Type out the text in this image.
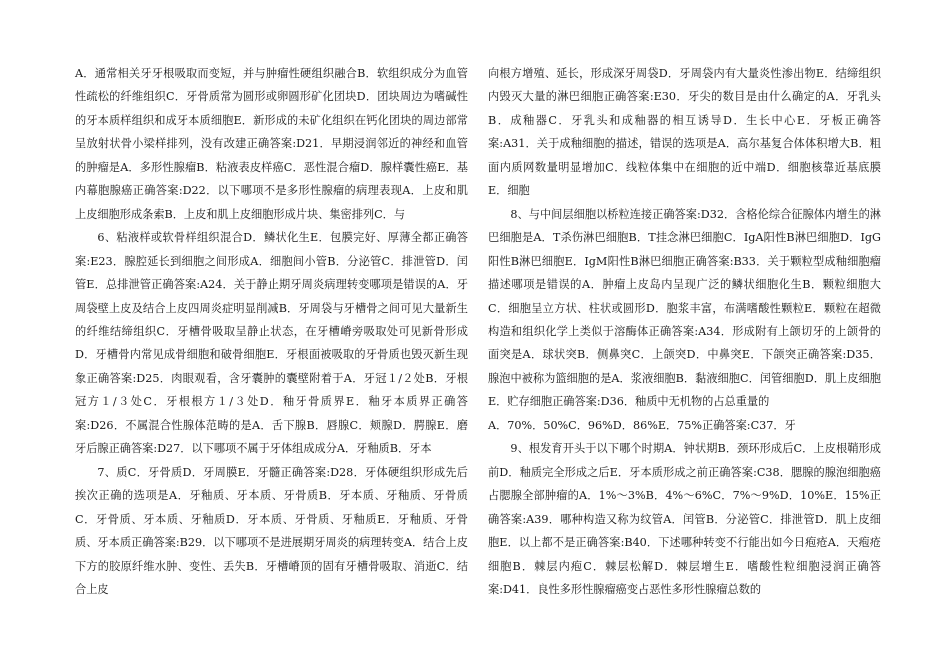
A．通常相关牙牙根吸取而变短，并与肿瘤性硬组织融合B．软组织成分为血管性疏松的纤维组织C．牙骨质常为圆形或卵圆形矿化团块D．团块周边为嗜碱性的牙本质样组织和成牙本质细胞E．新形成的未矿化组织在钙化团块的周边部常呈放射状骨小梁样排列，没有改建正确答案:D21．早期浸润邻近的神经和血管的肿瘤是A．多形性腺瘤B．粘液表皮样癌C．恶性混合瘤D．腺样囊性癌E．基内幕胞腺癌正确答案:D22．以下哪项不是多形性腺瘤的病理表现A．上皮和肌上皮细胞形成条索B．上皮和肌上皮细胞形成片块、集密排列C．与

6、粘液样或软骨样组织混合D．鳞状化生E．包膜完好、厚薄全都正确答案:E23．腺腔延长到细胞之间形成A．细胞间小管B．分泌管C．排泄管D．闰管E．总排泄管正确答案:A24．关于静止期牙周炎病理转变哪项是错误的A．牙周袋壁上皮及结合上皮四周炎症明显削减B．牙周袋与牙槽骨之间可见大量新生的纤维结缔组织C．牙槽骨吸取呈静止状态，在牙槽嵴旁吸取处可见新骨形成D．牙槽骨内常见成骨细胞和破骨细胞E．牙根面被吸取的牙骨质也毁灭新生现象正确答案:D25．肉眼观看，含牙囊肿的囊壁附着于A．牙冠１/２处B．牙根冠方１/３处C．牙根根方１/３处D．釉牙骨质界E．釉牙本质界正确答案:D26．不属混合性腺体范畴的是A．舌下腺B．唇腺C．颊腺D．腭腺E．磨牙后腺正确答案:D27．以下哪项不属于牙体组成成分A．牙釉质B．牙本

7、质C．牙骨质D．牙周膜E．牙髓正确答案:D28．牙体硬组织形成先后挨次正确的选项是A．牙釉质、牙本质、牙骨质B．牙本质、牙釉质、牙骨质C．牙骨质、牙本质、牙釉质D．牙本质、牙骨质、牙釉质E．牙釉质、牙骨质、牙本质正确答案:B29．以下哪项不是进展期牙周炎的病理转变A．结合上皮下方的胶原纤维水肿、变性、丢失B．牙槽嵴顶的固有牙槽骨吸取、消逝C．结合上皮

向根方增殖、延长，形成深牙周袋D．牙周袋内有大量炎性渗出物E．结缔组织内毁灭大量的淋巴细胞正确答案:E30．牙尖的数目是由什么确定的A．牙乳头B．成釉器C．牙乳头和成釉器的相互诱导D．生长中心E．牙板正确答案:A31．关于成釉细胞的描述，错误的选项是A．高尔基复合体体积增大B．粗面内质网数量明显增加C．线粒体集中在细胞的近中端D．细胞核靠近基底膜E．细胞

8、与中间层细胞以桥粒连接正确答案:D32．含格伦综合征腺体内增生的淋巴细胞是A．T杀伤淋巴细胞B．T挂念淋巴细胞C．IgA阳性B淋巴细胞D．IgG阳性B淋巴细胞E．IgM阳性B淋巴细胞正确答案:B33．关于颗粒型成釉细胞瘤描述哪项是错误的A．肿瘤上皮岛内呈现广泛的鳞状细胞化生B．颗粒细胞大C．细胞呈立方状、柱状或圆形D．胞浆丰富，布满嗜酸性颗粒E．颗粒在超微构造和组织化学上类似于溶酶体正确答案:A34．形成附有上颌切牙的上颌骨的面突是A．球状突B．侧鼻突C．上颌突D．中鼻突E．下颌突正确答案:D35．腺泡中被称为篮细胞的是A．浆液细胞B．黏液细胞C．闰管细胞D．肌上皮细胞E．贮存细胞正确答案:D36．釉质中无机物的占总重量的

A．70%．50%C．96%D．86%E．75%正确答案:C37．牙

9、根发育开头于以下哪个时期A．钟状期B．颈环形成后C．上皮根鞘形成前D．釉质完全形成之后E．牙本质形成之前正确答案:C38．腮腺的腺泡细胞癌占腮腺全部肿瘤的A．1%～3%B．4%～6%C．7%～9%D．10%E．15%正确答案:A39．哪种构造又称为纹管A．闰管B．分泌管C．排泄管D．肌上皮细胞E．以上都不是正确答案:B40．下述哪种转变不行能出如今日疱疮A．天疱疮细胞B．棘层内疱C．棘层松解D．棘层增生E．嗜酸性粒细胞浸润正确答案:D41．良性多形性腺瘤癌变占恶性多形性腺瘤总数的
